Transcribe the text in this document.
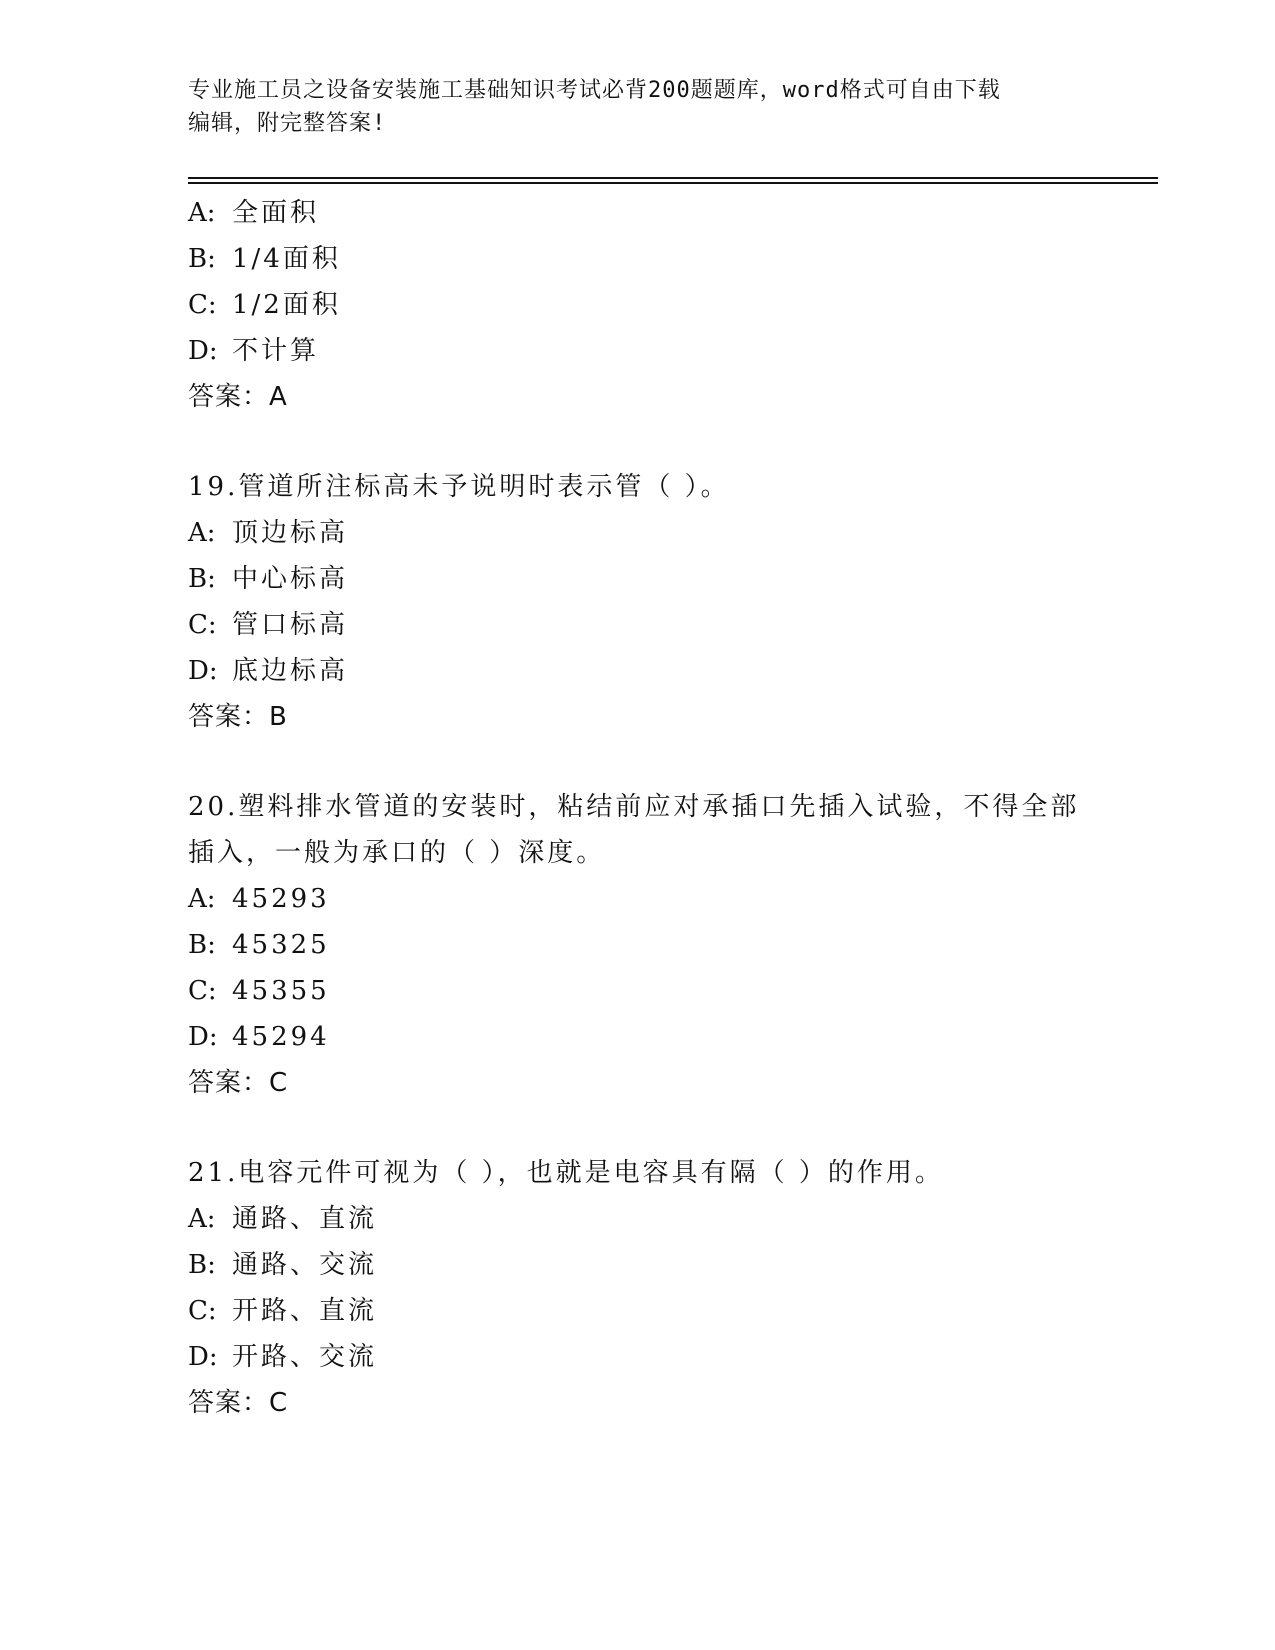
专业施工员之设备安装施工基础知识考试必背200题题库，word格式可自由下载
编辑，附完整答案!
A: 全面积
B: 1/4面积
C: 1/2面积
D: 不计算
答案：A
19.管道所注标高未予说明时表示管（ ）。
A: 顶边标高
B: 中心标高
C: 管口标高
D: 底边标高
答案：B
20.塑料排水管道的安装时，粘结前应对承插口先插入试验，不得全部
插入，一般为承口的（ ）深度。
A: 45293
B: 45325
C: 45355
D: 45294
答案：C
21.电容元件可视为（ ），也就是电容具有隔（ ）的作用。
A: 通路、直流
B: 通路、交流
C: 开路、直流
D: 开路、交流
答案：C
